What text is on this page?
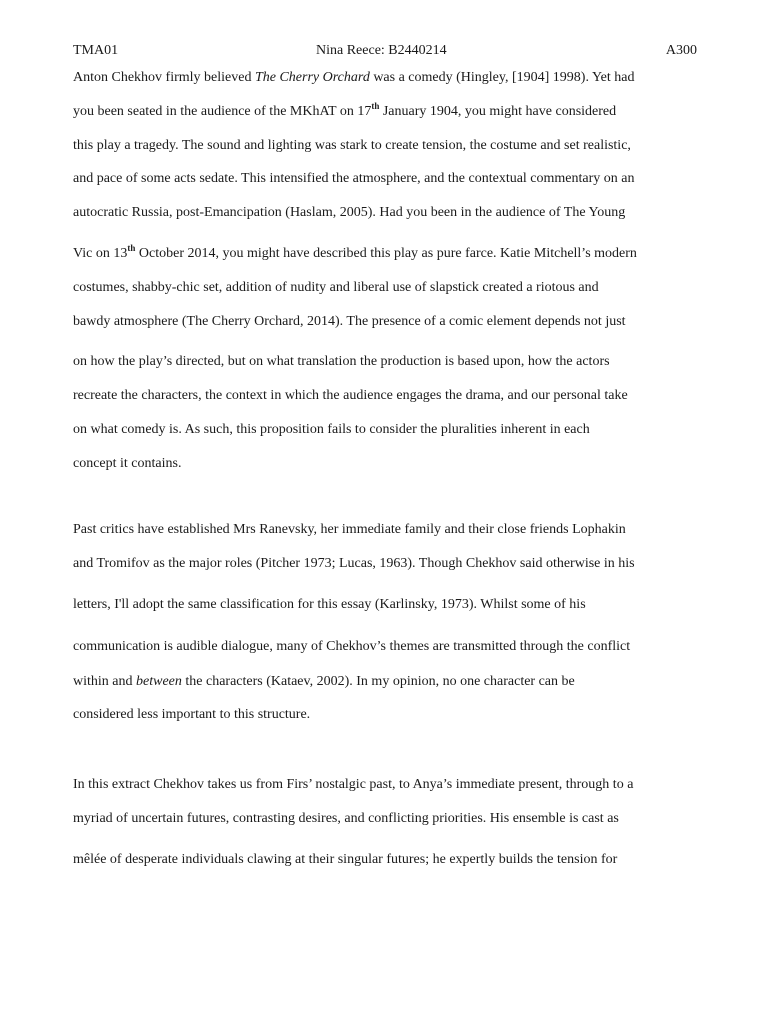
TMA01	Nina Reece: B2440214	A300
Anton Chekhov firmly believed The Cherry Orchard was a comedy (Hingley, [1904] 1998). Yet had
you been seated in the audience of the MKhAT on 17th January 1904, you might have considered
this play a tragedy. The sound and lighting was stark to create tension, the costume and set realistic,
and pace of some acts sedate. This intensified the atmosphere, and the contextual commentary on an
autocratic Russia, post-Emancipation (Haslam, 2005). Had you been in the audience of The Young
Vic on 13th October 2014, you might have described this play as pure farce. Katie Mitchell’s modern
costumes, shabby-chic set, addition of nudity and liberal use of slapstick created a riotous and
bawdy atmosphere (The Cherry Orchard, 2014). The presence of a comic element depends not just
on how the play’s directed, but on what translation the production is based upon, how the actors
recreate the characters, the context in which the audience engages the drama, and our personal take
on what comedy is. As such, this proposition fails to consider the pluralities inherent in each
concept it contains.
Past critics have established Mrs Ranevsky, her immediate family and their close friends Lophakin
and Tromifov as the major roles (Pitcher 1973; Lucas, 1963). Though Chekhov said otherwise in his
letters, I'll adopt the same classification for this essay (Karlinsky, 1973). Whilst some of his
communication is audible dialogue, many of Chekhov’s themes are transmitted through the conflict
within and between the characters (Kataev, 2002). In my opinion, no one character can be
considered less important to this structure.
In this extract Chekhov takes us from Firs’ nostalgic past, to Anya’s immediate present, through to a
myriad of uncertain futures, contrasting desires, and conflicting priorities. His ensemble is cast as
mêlée of desperate individuals clawing at their singular futures; he expertly builds the tension for
